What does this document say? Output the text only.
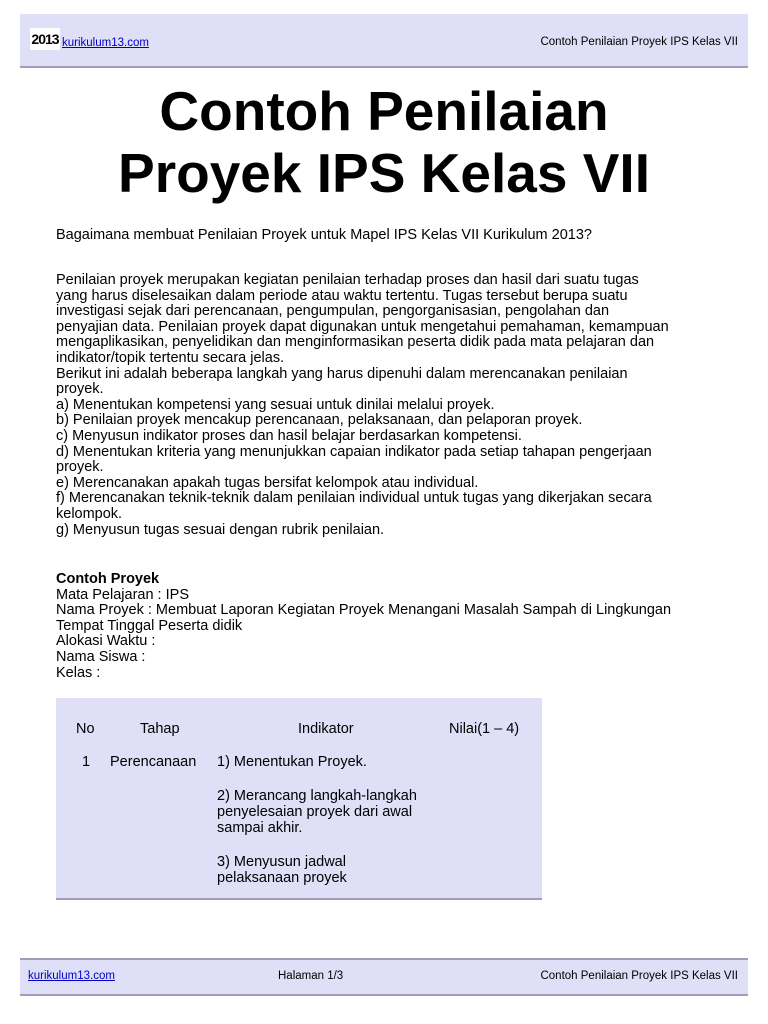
2013 kurikulum13.com	Contoh Penilaian Proyek IPS Kelas VII
Contoh Penilaian
Proyek IPS Kelas VII
Bagaimana membuat Penilaian Proyek untuk Mapel IPS Kelas VII Kurikulum 2013?
Penilaian proyek merupakan kegiatan penilaian terhadap proses dan hasil dari suatu tugas
yang harus diselesaikan dalam periode atau waktu tertentu. Tugas tersebut berupa suatu
investigasi sejak dari perencanaan, pengumpulan, pengorganisasian, pengolahan dan
penyajian data. Penilaian proyek dapat digunakan untuk mengetahui pemahaman, kemampuan
mengaplikasikan, penyelidikan dan menginformasikan peserta didik pada mata pelajaran dan
indikator/topik tertentu secara jelas.
Berikut ini adalah beberapa langkah yang harus dipenuhi dalam merencanakan penilaian
proyek.
a) Menentukan kompetensi yang sesuai untuk dinilai melalui proyek.
b) Penilaian proyek mencakup perencanaan, pelaksanaan, dan pelaporan proyek.
c) Menyusun indikator proses dan hasil belajar berdasarkan kompetensi.
d) Menentukan kriteria yang menunjukkan capaian indikator pada setiap tahapan pengerjaan
proyek.
e) Merencanakan apakah tugas bersifat kelompok atau individual.
f) Merencanakan teknik-teknik dalam penilaian individual untuk tugas yang dikerjakan secara
kelompok.
g) Menyusun tugas sesuai dengan rubrik penilaian.
Contoh Proyek
Mata Pelajaran : IPS
Nama Proyek : Membuat Laporan Kegiatan Proyek Menangani Masalah Sampah di Lingkungan
Tempat Tinggal Peserta didik
Alokasi Waktu :
Nama Siswa :
Kelas :
No	Tahap	Indikator	Nilai(1 – 4)
1 Perencanaan 1) Menentukan Proyek.
2) Merancang langkah-langkah
penyelesaian proyek dari awal
sampai akhir.
3) Menyusun jadwal
pelaksanaan proyek
kurikulum13.com	Halaman 1/3	Contoh Penilaian Proyek IPS Kelas VII
